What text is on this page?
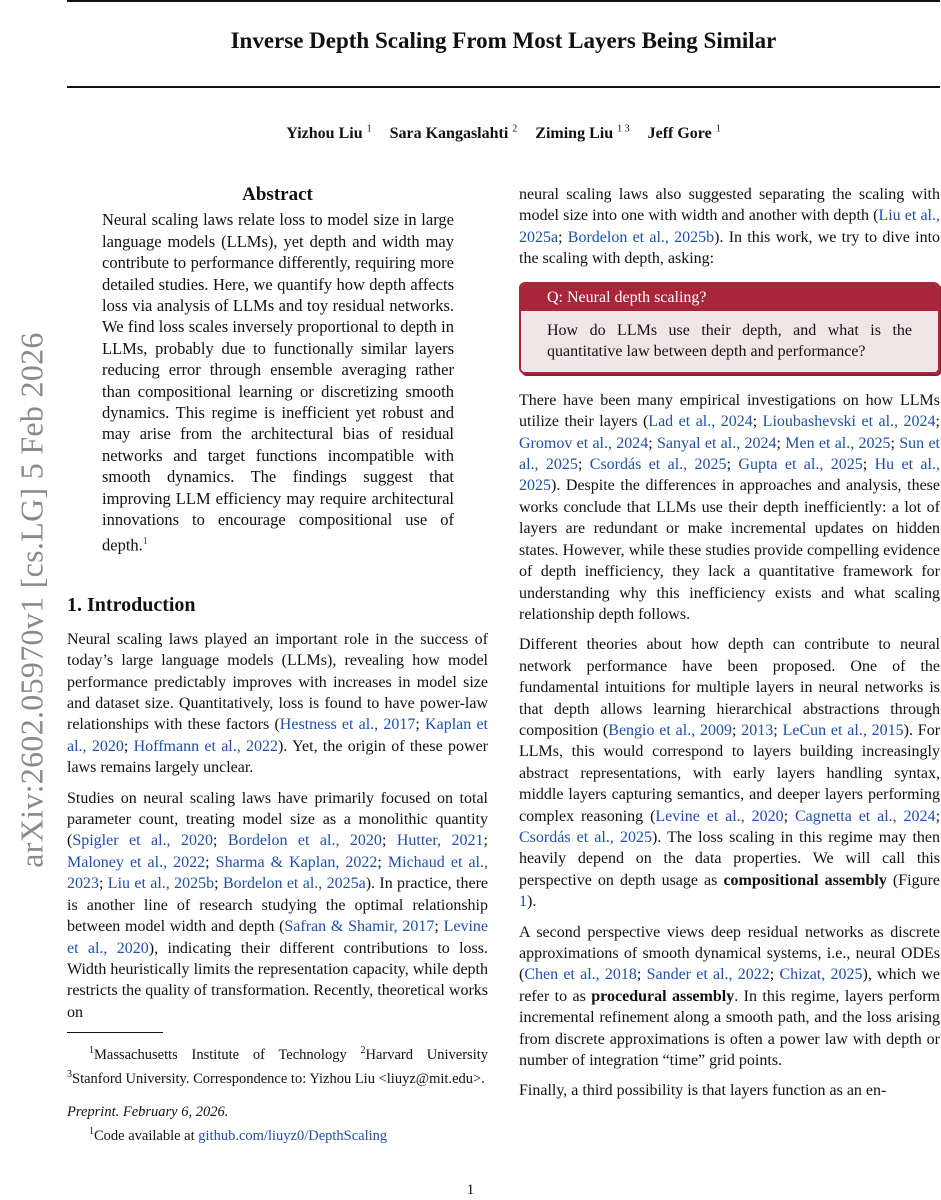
Inverse Depth Scaling From Most Layers Being Similar
Yizhou Liu $^1$ Sara Kangaslahti $^2$ Ziming Liu $^{1 3}$ Jeff Gore $^1$
arXiv:2602.05970v1 [cs.LG] 5 Feb 2026
Abstract

Neural scaling laws relate loss to model size in large language models (LLMs), yet depth and width may contribute to performance differently, requiring more detailed studies. Here, we quantify how depth affects loss via analysis of LLMs and toy residual networks. We find loss scales inversely proportional to depth in LLMs, probably due to functionally similar layers reducing error through ensemble averaging rather than compositional learning or discretizing smooth dynamics. This regime is inefficient yet robust and may arise from the architectural bias of residual networks and target functions incompatible with smooth dynamics. The findings suggest that improving LLM efficiency may require architectural innovations to encourage compositional use of depth.$^1$

1. Introduction

Neural scaling laws played an important role in the success of today’s large language models (LLMs), revealing how model performance predictably improves with increases in model size and dataset size. Quantitatively, loss is found to have power-law relationships with these factors (Hestness et al., 2017; Kaplan et al., 2020; Hoffmann et al., 2022). Yet, the origin of these power laws remains largely unclear.

Studies on neural scaling laws have primarily focused on total parameter count, treating model size as a monolithic quantity (Spigler et al., 2020; Bordelon et al., 2020; Hutter, 2021; Maloney et al., 2022; Sharma & Kaplan, 2022; Michaud et al., 2023; Liu et al., 2025b; Bordelon et al., 2025a). In practice, there is another line of research studying the optimal relationship between model width and depth (Safran & Shamir, 2017; Levine et al., 2020), indicating their different contributions to loss. Width heuristically limits the representation capacity, while depth restricts the quality of transformation. Recently, theoretical works on

$^1$Massachusetts Institute of Technology $^2$Harvard University $^3$Stanford University. Correspondence to: Yizhou Liu <liuyz@mit.edu>.

Preprint. February 6, 2026.

$^1$Code available at github.com/liuyz0/DepthScaling

neural scaling laws also suggested separating the scaling with model size into one with width and another with depth (Liu et al., 2025a; Bordelon et al., 2025b). In this work, we try to dive into the scaling with depth, asking:

Q: Neural depth scaling?
How do LLMs use their depth, and what is the quantitative law between depth and performance?

There have been many empirical investigations on how LLMs utilize their layers (Lad et al., 2024; Lioubashevski et al., 2024; Gromov et al., 2024; Sanyal et al., 2024; Men et al., 2025; Sun et al., 2025; Csordás et al., 2025; Gupta et al., 2025; Hu et al., 2025). Despite the differences in approaches and analysis, these works conclude that LLMs use their depth inefficiently: a lot of layers are redundant or make incremental updates on hidden states. However, while these studies provide compelling evidence of depth inefficiency, they lack a quantitative framework for understanding why this inefficiency exists and what scaling relationship depth follows.

Different theories about how depth can contribute to neural network performance have been proposed. One of the fundamental intuitions for multiple layers in neural networks is that depth allows learning hierarchical abstractions through composition (Bengio et al., 2009; 2013; LeCun et al., 2015). For LLMs, this would correspond to layers building increasingly abstract representations, with early layers handling syntax, middle layers capturing semantics, and deeper layers performing complex reasoning (Levine et al., 2020; Cagnetta et al., 2024; Csordás et al., 2025). The loss scaling in this regime may then heavily depend on the data properties. We will call this perspective on depth usage as compositional assembly (Figure 1).

A second perspective views deep residual networks as discrete approximations of smooth dynamical systems, i.e., neural ODEs (Chen et al., 2018; Sander et al., 2022; Chizat, 2025), which we refer to as procedural assembly. In this regime, layers perform incremental refinement along a smooth path, and the loss arising from discrete approximations is often a power law with depth or number of integration “time” grid points.

Finally, a third possibility is that layers function as an en-

1
